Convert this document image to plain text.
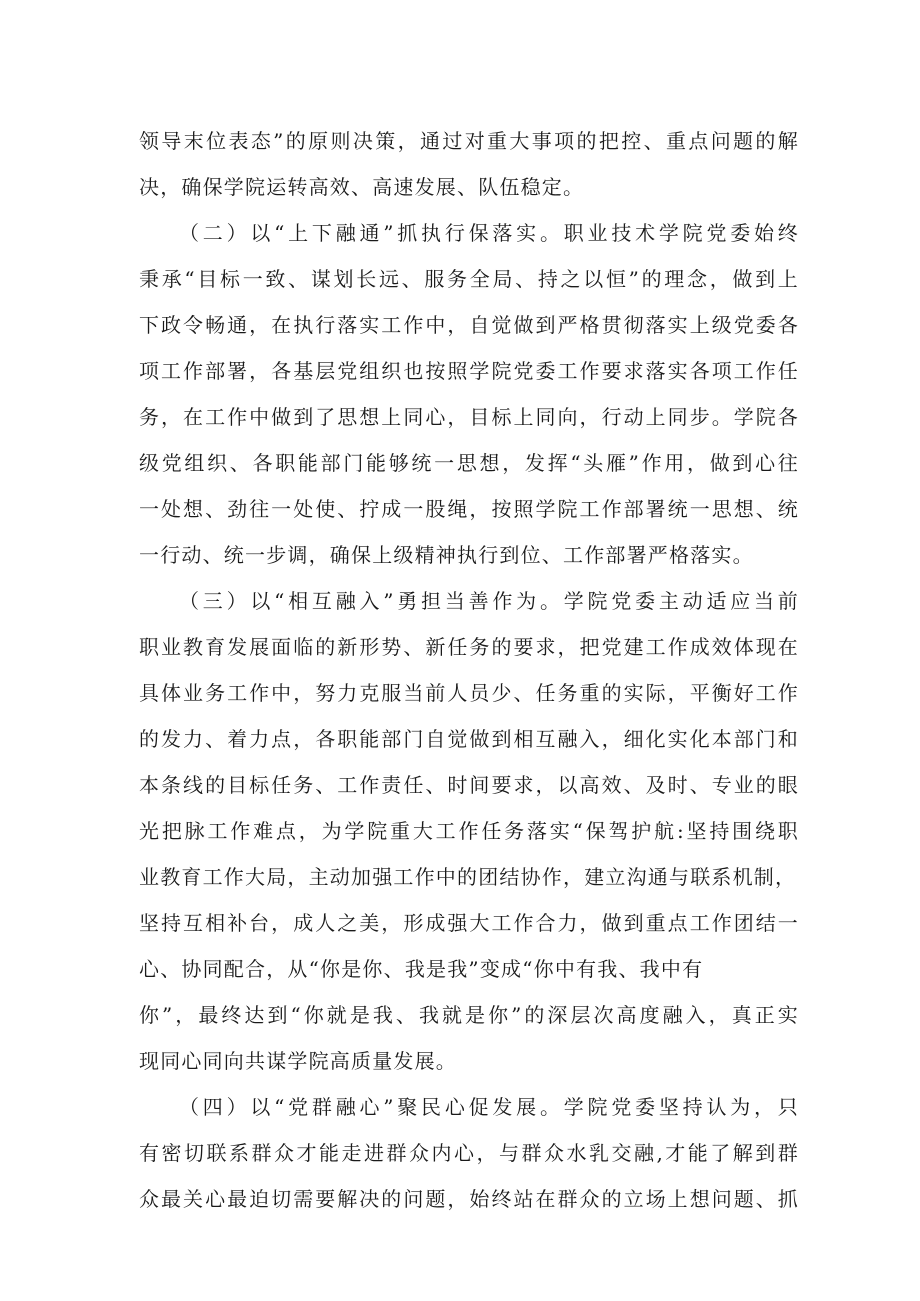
领导末位表态”的原则决策，通过对重大事项的把控、重点问题的解
决，确保学院运转高效、高速发展、队伍稳定。
（二）以“上下融通”抓执行保落实。职业技术学院党委始终
秉承“目标一致、谋划长远、服务全局、持之以恒”的理念，做到上
下政令畅通，在执行落实工作中，自觉做到严格贯彻落实上级党委各
项工作部署，各基层党组织也按照学院党委工作要求落实各项工作任
务，在工作中做到了思想上同心，目标上同向，行动上同步。学院各
级党组织、各职能部门能够统一思想，发挥“头雁”作用，做到心往
一处想、劲往一处使、拧成一股绳，按照学院工作部署统一思想、统
一行动、统一步调，确保上级精神执行到位、工作部署严格落实。
（三）以“相互融入”勇担当善作为。学院党委主动适应当前
职业教育发展面临的新形势、新任务的要求，把党建工作成效体现在
具体业务工作中，努力克服当前人员少、任务重的实际，平衡好工作
的发力、着力点，各职能部门自觉做到相互融入，细化实化本部门和
本条线的目标任务、工作责任、时间要求，以高效、及时、专业的眼
光把脉工作难点，为学院重大工作任务落实“保驾护航:坚持围绕职
业教育工作大局，主动加强工作中的团结协作，建立沟通与联系机制，
坚持互相补台，成人之美，形成强大工作合力，做到重点工作团结一
心、协同配合，从“你是你、我是我”变成“你中有我、我中有
你”，最终达到“你就是我、我就是你”的深层次高度融入，真正实
现同心同向共谋学院高质量发展。
（四）以“党群融心”聚民心促发展。学院党委坚持认为，只
有密切联系群众才能走进群众内心，与群众水乳交融,才能了解到群
众最关心最迫切需要解决的问题，始终站在群众的立场上想问题、抓
